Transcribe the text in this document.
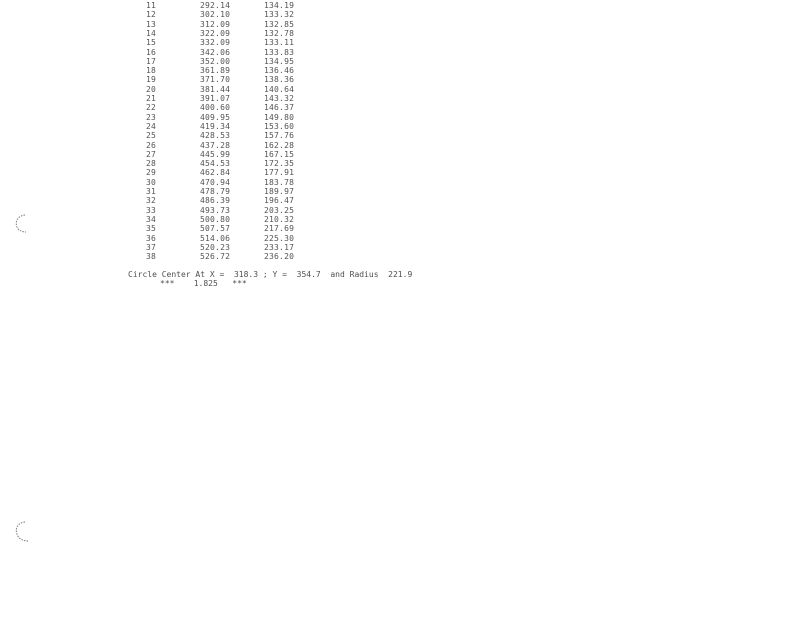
11	292.14	134.19
12	302.10	133.32
13	312.09	132.85
14	322.09	132.78
15	332.09	133.11
16	342.06	133.83
17	352.00	134.95
18	361.89	136.46
19	371.70	138.36
20	381.44	140.64
21	391.07	143.32
22	400.60	146.37
23	409.95	149.80
24	419.34	153.60
25	428.53	157.76
26	437.28	162.28
27	445.99	167.15
28	454.53	172.35
29	462.84	177.91
30	470.94	183.78
31	478.79	189.97
32	486.39	196.47
33	493.73	203.25
34	500.80	210.32
35	507.57	217.69
36	514.06	225.30
37	520.23	233.17
38	526.72	236.20
Circle Center At X = 318.3 ; Y = 354.7 and Radius 221.9
*** 1.825 ***
